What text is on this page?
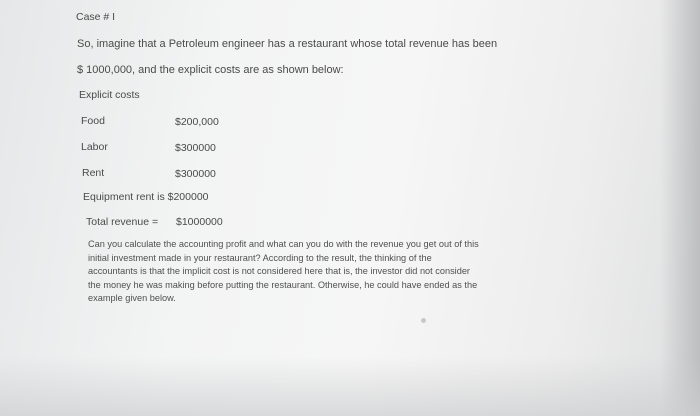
Case # I
So, imagine that a Petroleum engineer has a restaurant whose total revenue has been
$ 1000,000, and the explicit costs are as shown below:
Explicit costs
Food	$200,000
Labor	$300000
Rent	$300000
Equipment rent is $200000
Total revenue = $1000000
Can you calculate the accounting profit and what can you do with the revenue you get out of this
initial investment made in your restaurant? According to the result, the thinking of the
accountants is that the implicit cost is not considered here that is, the investor did not consider
the money he was making before putting the restaurant. Otherwise, he could have ended as the
example given below.
